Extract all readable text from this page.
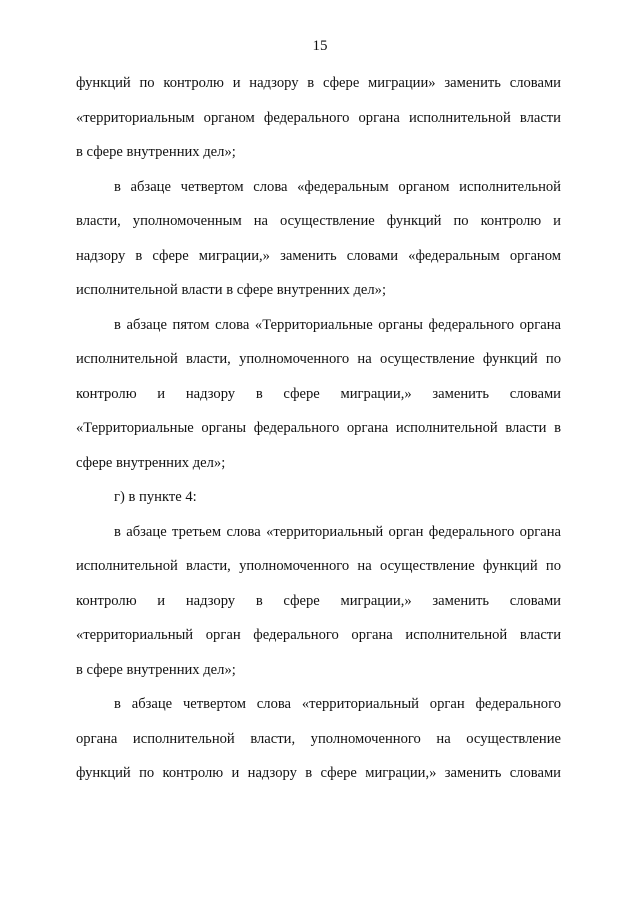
15
функций по контролю и надзору в сфере миграции» заменить словами
«территориальным органом федерального органа исполнительной власти
в сфере внутренних дел»;
в абзаце четвертом слова «федеральным органом исполнительной
власти, уполномоченным на осуществление функций по контролю и
надзору в сфере миграции,» заменить словами «федеральным органом
исполнительной власти в сфере внутренних дел»;
в абзаце пятом слова «Территориальные органы федерального органа
исполнительной власти, уполномоченного на осуществление функций по
контролю и надзору в сфере миграции,» заменить словами
«Территориальные органы федерального органа исполнительной власти в
сфере внутренних дел»;
г) в пункте 4:
в абзаце третьем слова «территориальный орган федерального органа
исполнительной власти, уполномоченного на осуществление функций по
контролю и надзору в сфере миграции,» заменить словами
«территориальный орган федерального органа исполнительной власти
в сфере внутренних дел»;
в абзаце четвертом слова «территориальный орган федерального
органа исполнительной власти, уполномоченного на осуществление
функций по контролю и надзору в сфере миграции,» заменить словами
